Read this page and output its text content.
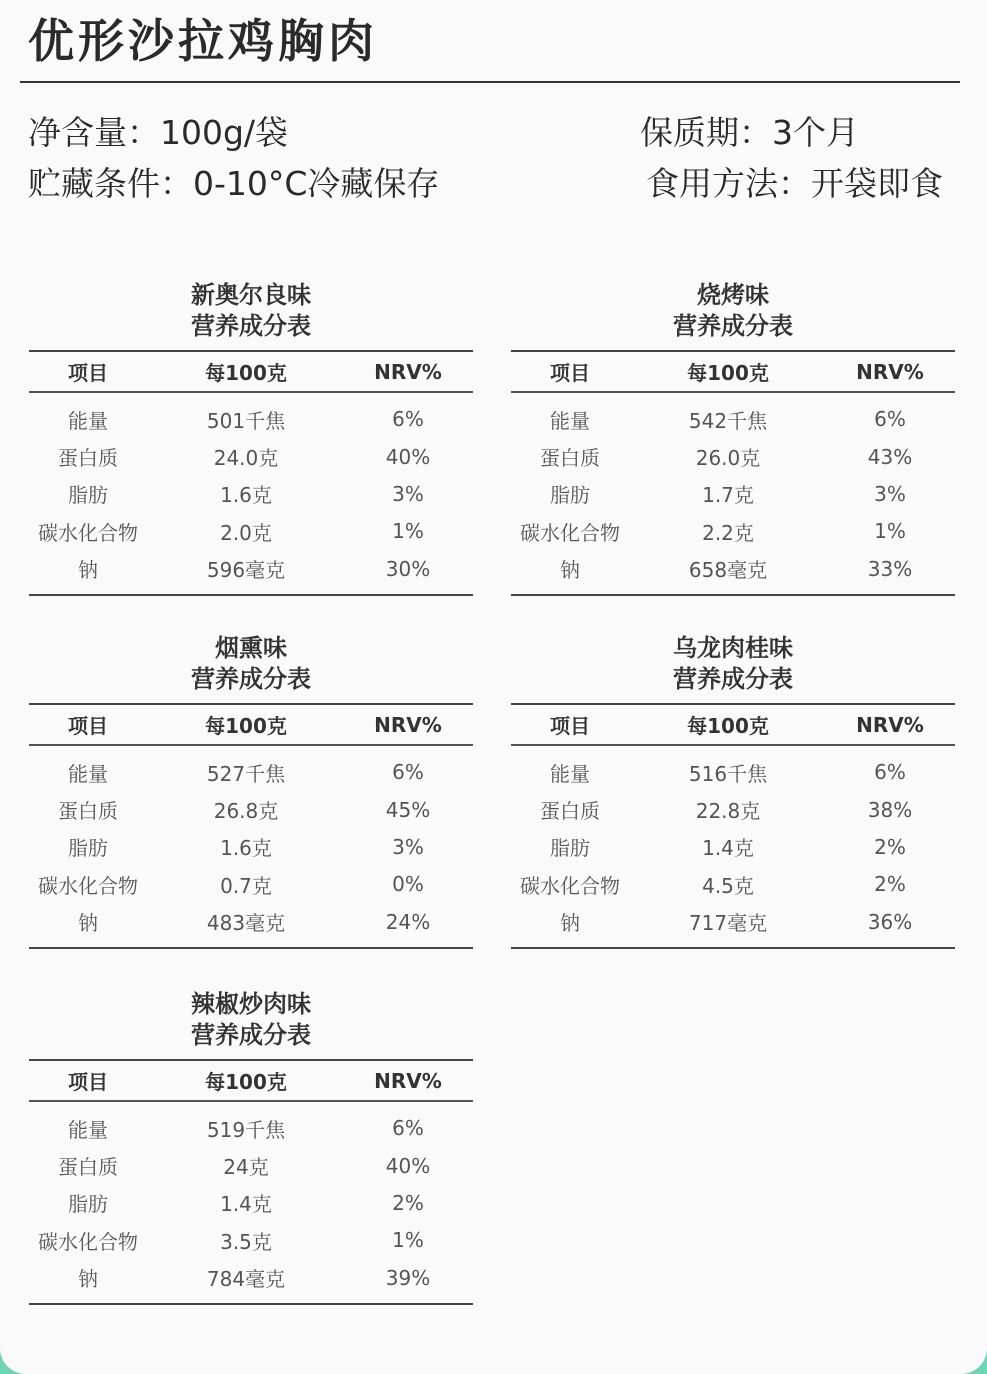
优形沙拉鸡胸肉
净含量：100g/袋	保质期：3个月
贮藏条件：0-10°C冷藏保存	食用方法：开袋即食
新奥尔良味
营养成分表
项目	每100克	NRV%
能量	501千焦	6%
蛋白质	24.0克	40%
脂肪	1.6克	3%
碳水化合物	2.0克	1%
钠	596毫克	30%
烧烤味
营养成分表
项目	每100克	NRV%
能量	542千焦	6%
蛋白质	26.0克	43%
脂肪	1.7克	3%
碳水化合物	2.2克	1%
钠	658毫克	33%
烟熏味
营养成分表
项目	每100克	NRV%
能量	527千焦	6%
蛋白质	26.8克	45%
脂肪	1.6克	3%
碳水化合物	0.7克	0%
钠	483毫克	24%
乌龙肉桂味
营养成分表
项目	每100克	NRV%
能量	516千焦	6%
蛋白质	22.8克	38%
脂肪	1.4克	2%
碳水化合物	4.5克	2%
钠	717毫克	36%
辣椒炒肉味
营养成分表
项目	每100克	NRV%
能量	519千焦	6%
蛋白质	24克	40%
脂肪	1.4克	2%
碳水化合物	3.5克	1%
钠	784毫克	39%
